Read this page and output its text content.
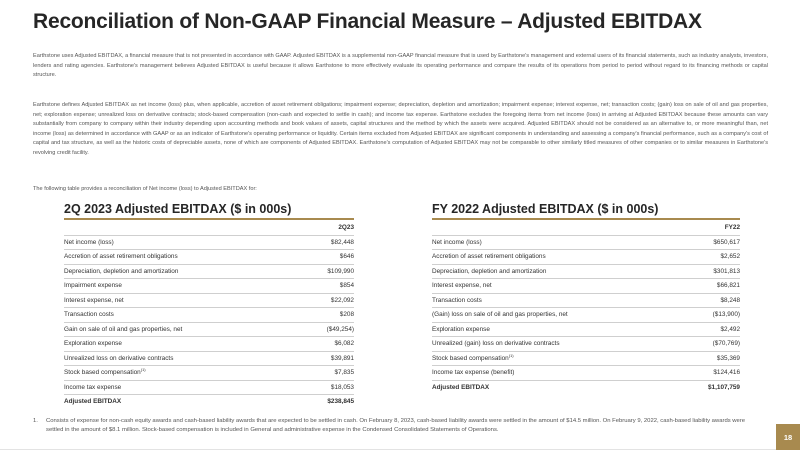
Reconciliation of Non-GAAP Financial Measure – Adjusted EBITDAX
Earthstone uses Adjusted EBITDAX, a financial measure that is not presented in accordance with GAAP. Adjusted EBITDAX is a supplemental non-GAAP financial measure that is used by Earthstone's management and external users of its financial statements, such as industry analysts, investors, lenders and rating agencies. Earthstone's management believes Adjusted EBITDAX is useful because it allows Earthstone to more effectively evaluate its operating performance and compare the results of its operations from period to period without regard to its financing methods or capital structure.
Earthstone defines Adjusted EBITDAX as net income (loss) plus, when applicable, accretion of asset retirement obligations; impairment expense; depreciation, depletion and amortization; impairment expense; interest expense, net; transaction costs; (gain) loss on sale of oil and gas properties, net; exploration expense; unrealized loss on derivative contracts; stock-based compensation (non-cash and expected to settle in cash); and income tax expense. Earthstone excludes the foregoing items from net income (loss) in arriving at Adjusted EBITDAX because these amounts can vary substantially from company to company within their industry depending upon accounting methods and book values of assets, capital structures and the method by which the assets were acquired. Adjusted EBITDAX should not be considered as an alternative to, or more meaningful than, net income (loss) as determined in accordance with GAAP or as an indicator of Earthstone's operating performance or liquidity. Certain items excluded from Adjusted EBITDAX are significant components in understanding and assessing a company's financial performance, such as a company's cost of capital and tax structure, as well as the historic costs of depreciable assets, none of which are components of Adjusted EBITDAX. Earthstone's computation of Adjusted EBITDAX may not be comparable to other similarly titled measures of other companies or to similar measures in Earthstone's revolving credit facility.
The following table provides a reconciliation of Net income (loss) to Adjusted EBITDAX for:
2Q 2023 Adjusted EBITDAX ($ in 000s)	FY 2022 Adjusted EBITDAX ($ in 000s)
	2Q23
Net income (loss)	$82,448
Accretion of asset retirement obligations	$646
Depreciation, depletion and amortization	$109,990
Impairment expense	$854
Interest expense, net	$22,092
Transaction costs	$208
Gain on sale of oil and gas properties, net	($49,254)
Exploration expense	$6,082
Unrealized loss on derivative contracts	$39,891
Stock based compensation$^{(1)}$	$7,835
Income tax expense	$18,053
Adjusted EBITDAX	$238,845
	FY22
Net income (loss)	$650,617
Accretion of asset retirement obligations	$2,652
Depreciation, depletion and amortization	$301,813
Interest expense, net	$66,821
Transaction costs	$8,248
(Gain) loss on sale of oil and gas properties, net	($13,900)
Exploration expense	$2,492
Unrealized (gain) loss on derivative contracts	($70,769)
Stock based compensation$^{(1)}$	$35,369
Income tax expense (benefit)	$124,416
Adjusted EBITDAX	$1,107,759
1. Consists of expense for non-cash equity awards and cash-based liability awards that are expected to be settled in cash. On February 8, 2023, cash-based liability awards were settled in the amount of $14.5 million. On February 9, 2022, cash-based liability awards were settled in the amount of $8.1 million. Stock-based compensation is included in General and administrative expense in the Condensed Consolidated Statements of Operations.
18
